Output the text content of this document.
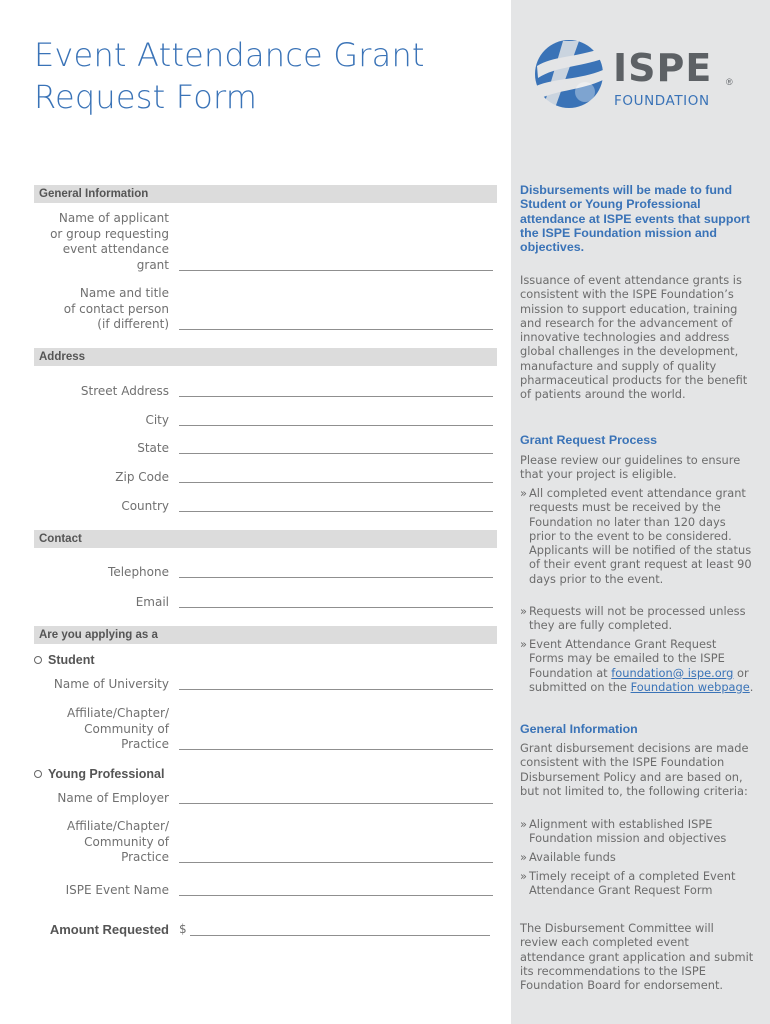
Event Attendance Grant
Request Form
ISPE ®
FOUNDATION
General Information
Name of applicant
or group requesting
event attendance
grant
Name and title
of contact person
(if different)
Address
Street Address
City
State
Zip Code
Country
Contact
Telephone
Email
Are you applying as a
Student
Name of University
Affiliate/Chapter/
Community of
Practice
Young Professional
Name of Employer
Affiliate/Chapter/
Community of
Practice
ISPE Event Name
Amount Requested $
Disbursements will be made to fund Student or Young Professional attendance at ISPE events that support the ISPE Foundation mission and objectives.
Issuance of event attendance grants is consistent with the ISPE Foundation’s mission to support education, training and research for the advancement of innovative technologies and address global challenges in the development, manufacture and supply of quality pharmaceutical products for the benefit of patients around the world.
Grant Request Process
Please review our guidelines to ensure that your project is eligible.
» All completed event attendance grant requests must be received by the Foundation no later than 120 days prior to the event to be considered. Applicants will be notified of the status of their event grant request at least 90 days prior to the event.
» Requests will not be processed unless they are fully completed.
» Event Attendance Grant Request Forms may be emailed to the ISPE Foundation at foundation@ ispe.org or submitted on the Foundation webpage.
General Information
Grant disbursement decisions are made consistent with the ISPE Foundation Disbursement Policy and are based on, but not limited to, the following criteria:
» Alignment with established ISPE Foundation mission and objectives
» Available funds
» Timely receipt of a completed Event Attendance Grant Request Form
The Disbursement Committee will review each completed event attendance grant application and submit its recommendations to the ISPE Foundation Board for endorsement.
